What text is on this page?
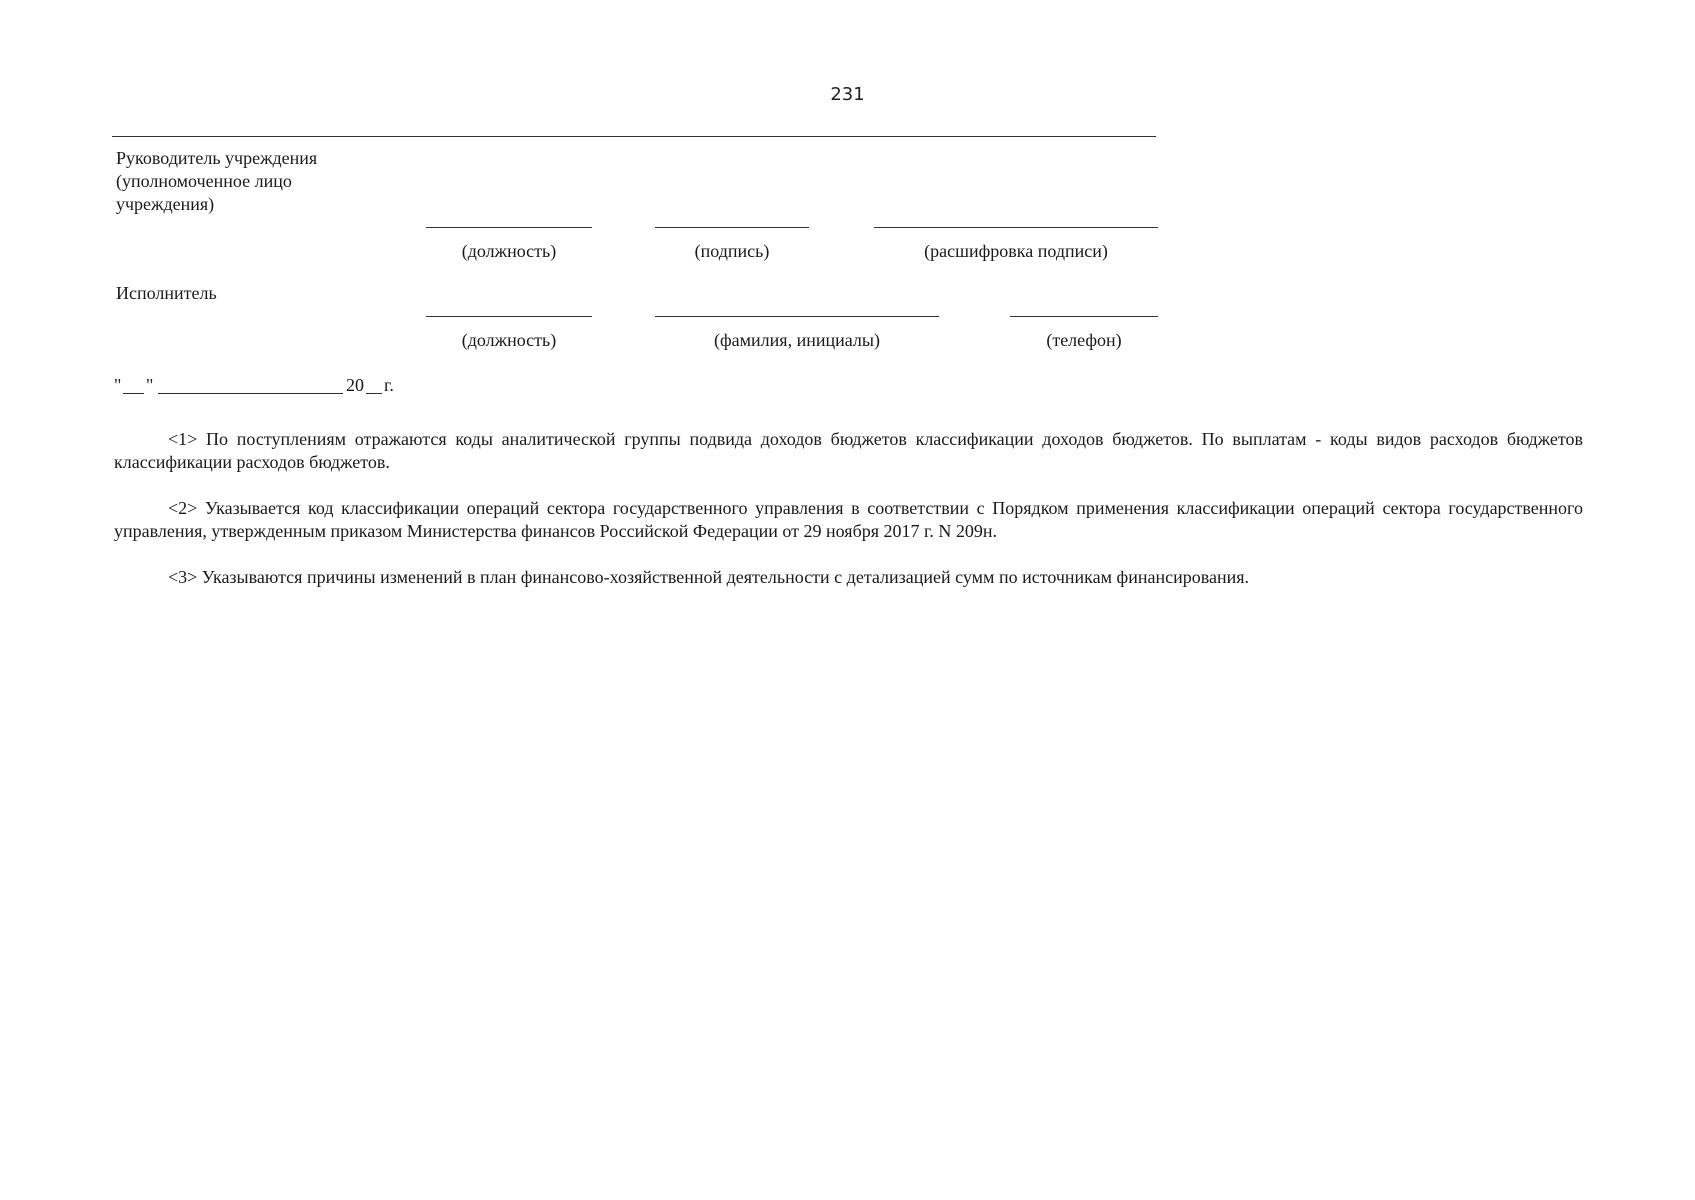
231
Руководитель учреждения (уполномоченное лицо учреждения)
(должность)	(подпись)	(расшифровка подписи)
Исполнитель
(должность)	(фамилия, инициалы)	(телефон)
" "	20 г.
<1> По поступлениям отражаются коды аналитической группы подвида доходов бюджетов классификации доходов бюджетов. По выплатам - коды видов расходов бюджетов классификации расходов бюджетов.
<2> Указывается код классификации операций сектора государственного управления в соответствии с Порядком применения классификации операций сектора государственного управления, утвержденным приказом Министерства финансов Российской Федерации от 29 ноября 2017 г. N 209н.
<3> Указываются причины изменений в план финансово-хозяйственной деятельности с детализацией сумм по источникам финансирования.
